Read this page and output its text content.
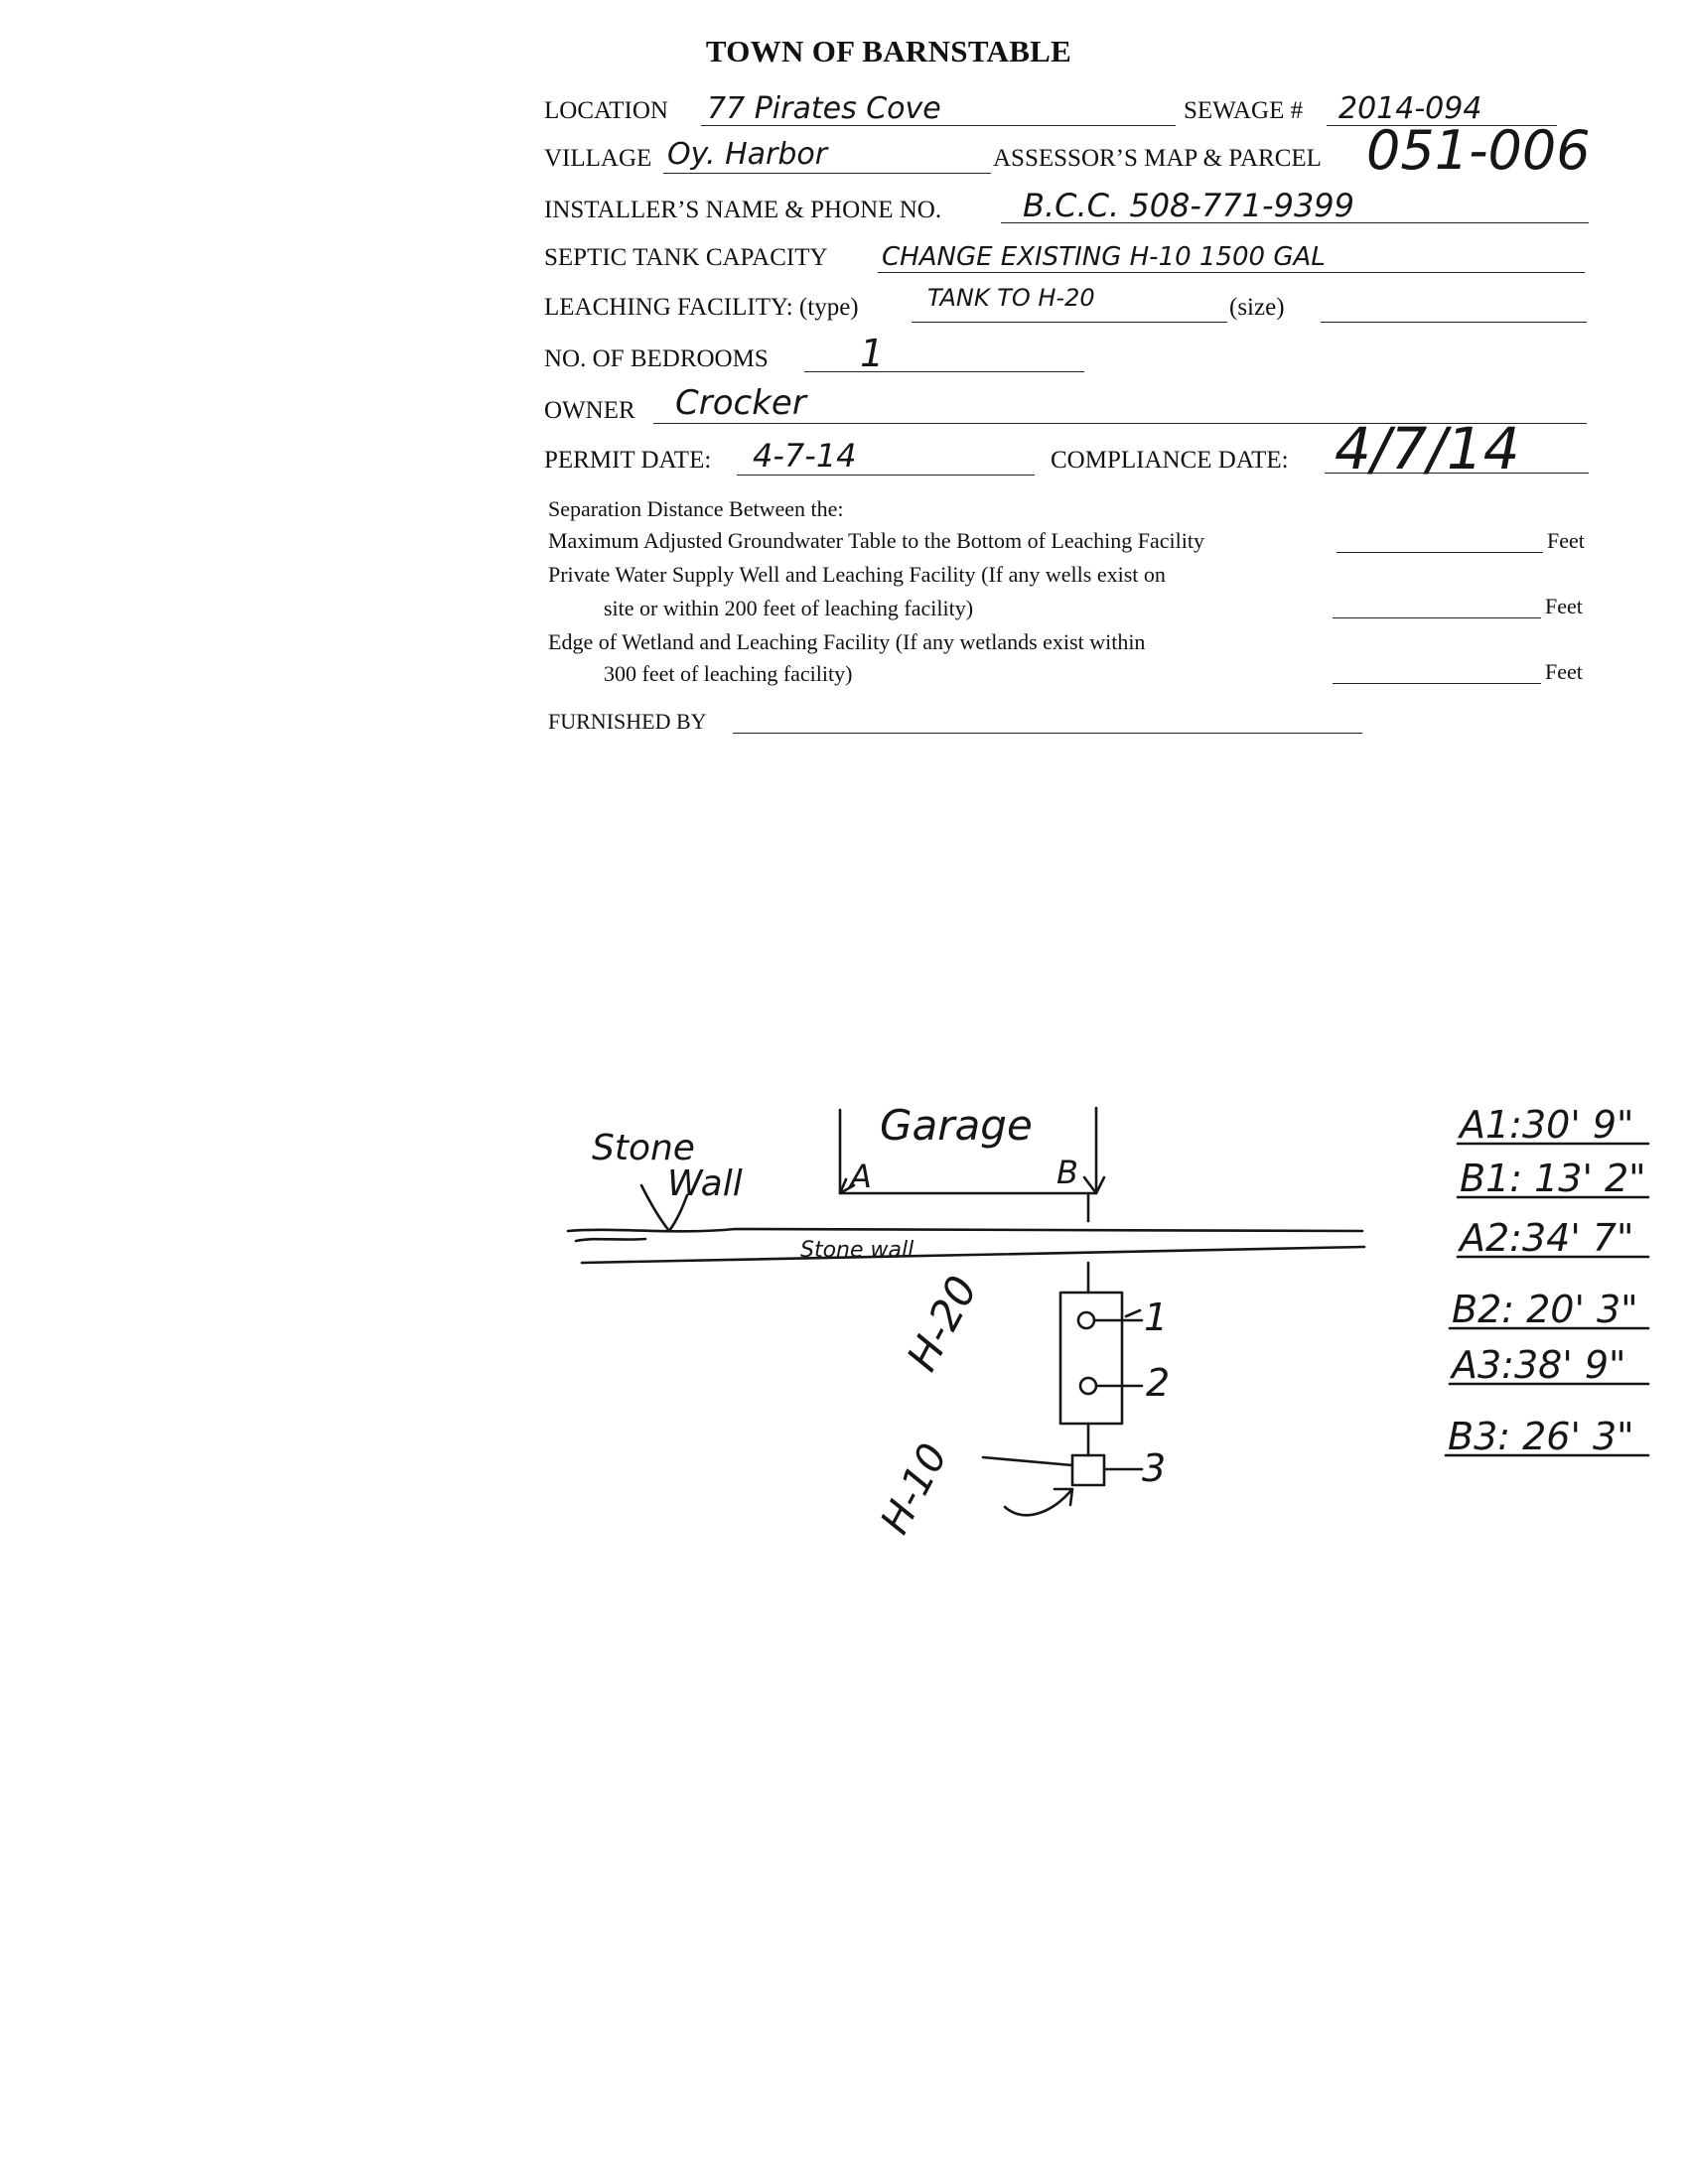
TOWN OF BARNSTABLE
LOCATION 77 Pirates Cove	SEWAGE # 2014-094
VILLAGE Oy. Harbor	ASSESSOR’S MAP & PARCEL 051-006
INSTALLER’S NAME & PHONE NO.	B.C.C. 508-771-9399
SEPTIC TANK CAPACITY CHANGE EXISTING H-10 1500 GAL
LEACHING FACILITY: (type)	TANK TO H-20	(size)
NO. OF BEDROOMS 1
OWNER Crocker
PERMIT DATE: 4-7-14	COMPLIANCE DATE: 4/7/14
Separation Distance Between the:
Maximum Adjusted Groundwater Table to the Bottom of Leaching Facility	Feet
Private Water Supply Well and Leaching Facility (If any wells exist on
site or within 200 feet of leaching facility)	Feet
Edge of Wetland and Leaching Facility (If any wetlands exist within
300 feet of leaching facility)	Feet
FURNISHED BY
Stone
Wall
Garage
A	B
Stone wall
H-20	1
2
3
H-10
A1:30' 9"
B1: 13' 2"
A2:34' 7"
B2: 20' 3"
A3:38' 9"
B3: 26' 3"
